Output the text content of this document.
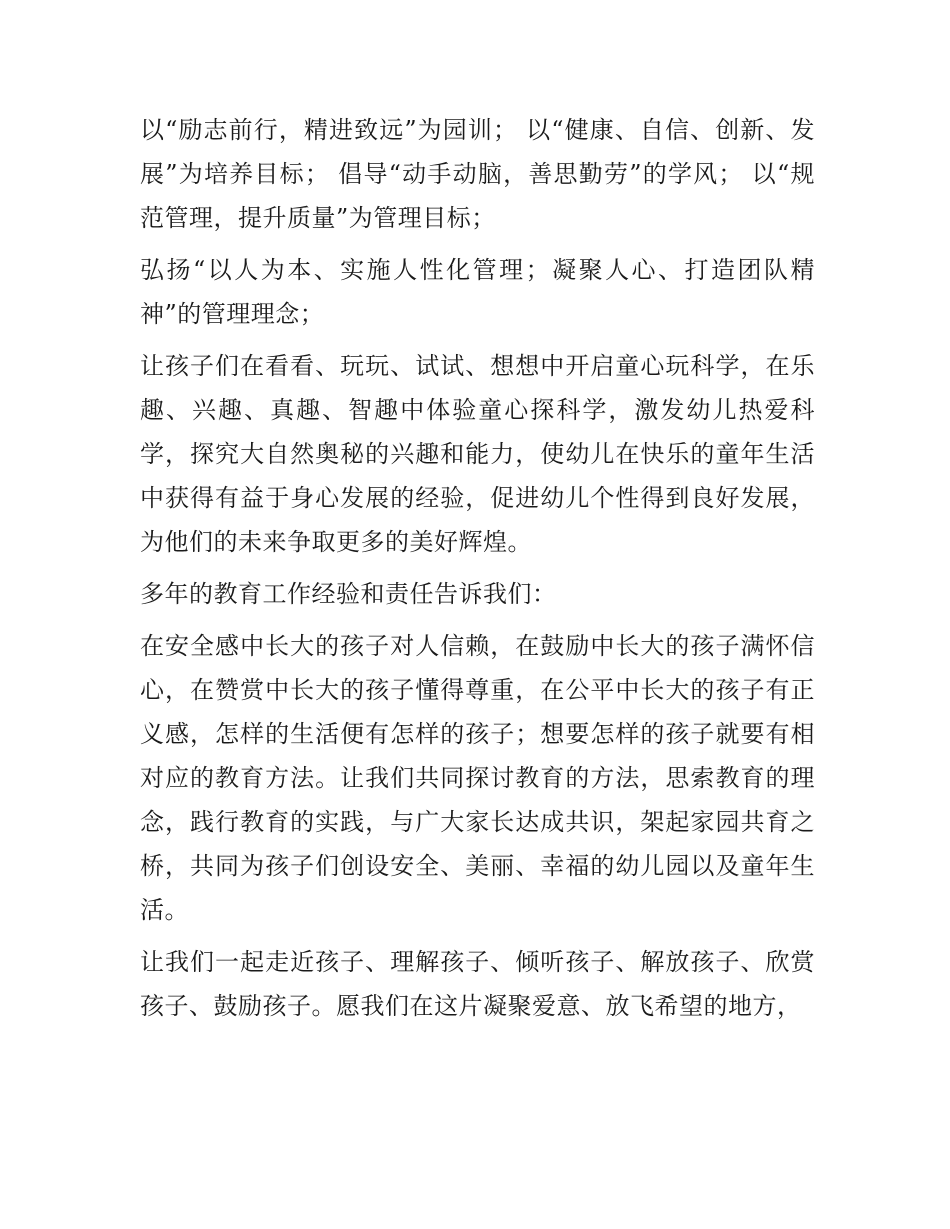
以“励志前行，精进致远”为园训； 以“健康、自信、创新、发展”为培养目标； 倡导“动手动脑，善思勤劳”的学风； 以“规范管理，提升质量”为管理目标；

弘扬“以人为本、实施人性化管理；凝聚人心、打造团队精神”的管理理念；

让孩子们在看看、玩玩、试试、想想中开启童心玩科学，在乐趣、兴趣、真趣、智趣中体验童心探科学，激发幼儿热爱科学，探究大自然奥秘的兴趣和能力，使幼儿在快乐的童年生活中获得有益于身心发展的经验，促进幼儿个性得到良好发展，为他们的未来争取更多的美好辉煌。

多年的教育工作经验和责任告诉我们：

在安全感中长大的孩子对人信赖，在鼓励中长大的孩子满怀信心，在赞赏中长大的孩子懂得尊重，在公平中长大的孩子有正义感，怎样的生活便有怎样的孩子；想要怎样的孩子就要有相对应的教育方法。让我们共同探讨教育的方法，思索教育的理念，践行教育的实践，与广大家长达成共识，架起家园共育之桥，共同为孩子们创设安全、美丽、幸福的幼儿园以及童年生活。

让我们一起走近孩子、理解孩子、倾听孩子、解放孩子、欣赏孩子、鼓励孩子。愿我们在这片凝聚爱意、放飞希望的地方，
